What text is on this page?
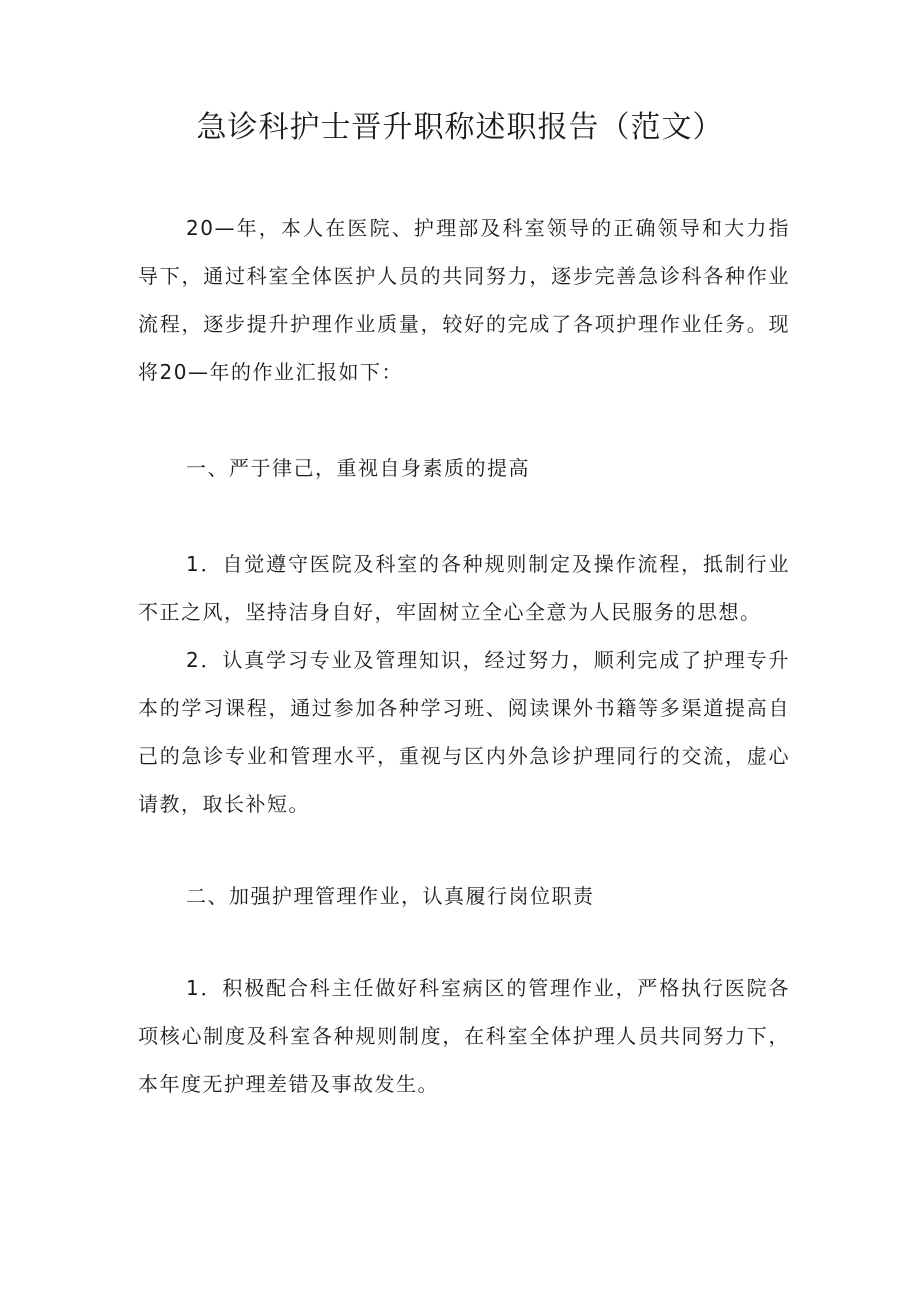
急诊科护士晋升职称述职报告（范文）

20—年，本人在医院、护理部及科室领导的正确领导和大力指导下，通过科室全体医护人员的共同努力，逐步完善急诊科各种作业流程，逐步提升护理作业质量，较好的完成了各项护理作业任务。现将20—年的作业汇报如下：

一、严于律己，重视自身素质的提高

1．自觉遵守医院及科室的各种规则制定及操作流程，抵制行业不正之风，坚持洁身自好，牢固树立全心全意为人民服务的思想。

2．认真学习专业及管理知识，经过努力，顺利完成了护理专升本的学习课程，通过参加各种学习班、阅读课外书籍等多渠道提高自己的急诊专业和管理水平，重视与区内外急诊护理同行的交流，虚心请教，取长补短。

二、加强护理管理作业，认真履行岗位职责

1．积极配合科主任做好科室病区的管理作业，严格执行医院各项核心制度及科室各种规则制度，在科室全体护理人员共同努力下，本年度无护理差错及事故发生。
